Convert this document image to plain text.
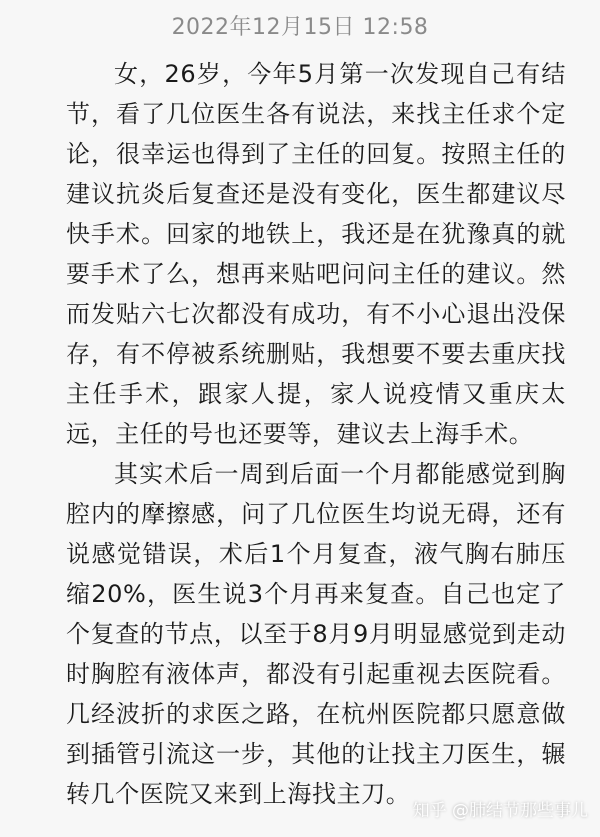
2022年12月15日 12:58

女，26岁，今年5月第一次发现自己有结节，看了几位医生各有说法，来找主任求个定论，很幸运也得到了主任的回复。按照主任的建议抗炎后复查还是没有变化，医生都建议尽快手术。回家的地铁上，我还是在犹豫真的就要手术了么，想再来贴吧问问主任的建议。然而发贴六七次都没有成功，有不小心退出没保存，有不停被系统删贴，我想要不要去重庆找主任手术，跟家人提，家人说疫情又重庆太远，主任的号也还要等，建议去上海手术。

其实术后一周到后面一个月都能感觉到胸腔内的摩擦感，问了几位医生均说无碍，还有说感觉错误，术后1个月复查，液气胸右肺压缩20%，医生说3个月再来复查。自己也定了个复查的节点，以至于8月9月明显感觉到走动时胸腔有液体声，都没有引起重视去医院看。几经波折的求医之路，在杭州医院都只愿意做到插管引流这一步，其他的让找主刀医生，辗转几个医院又来到上海找主刀。

知乎 @肺结节那些事儿
